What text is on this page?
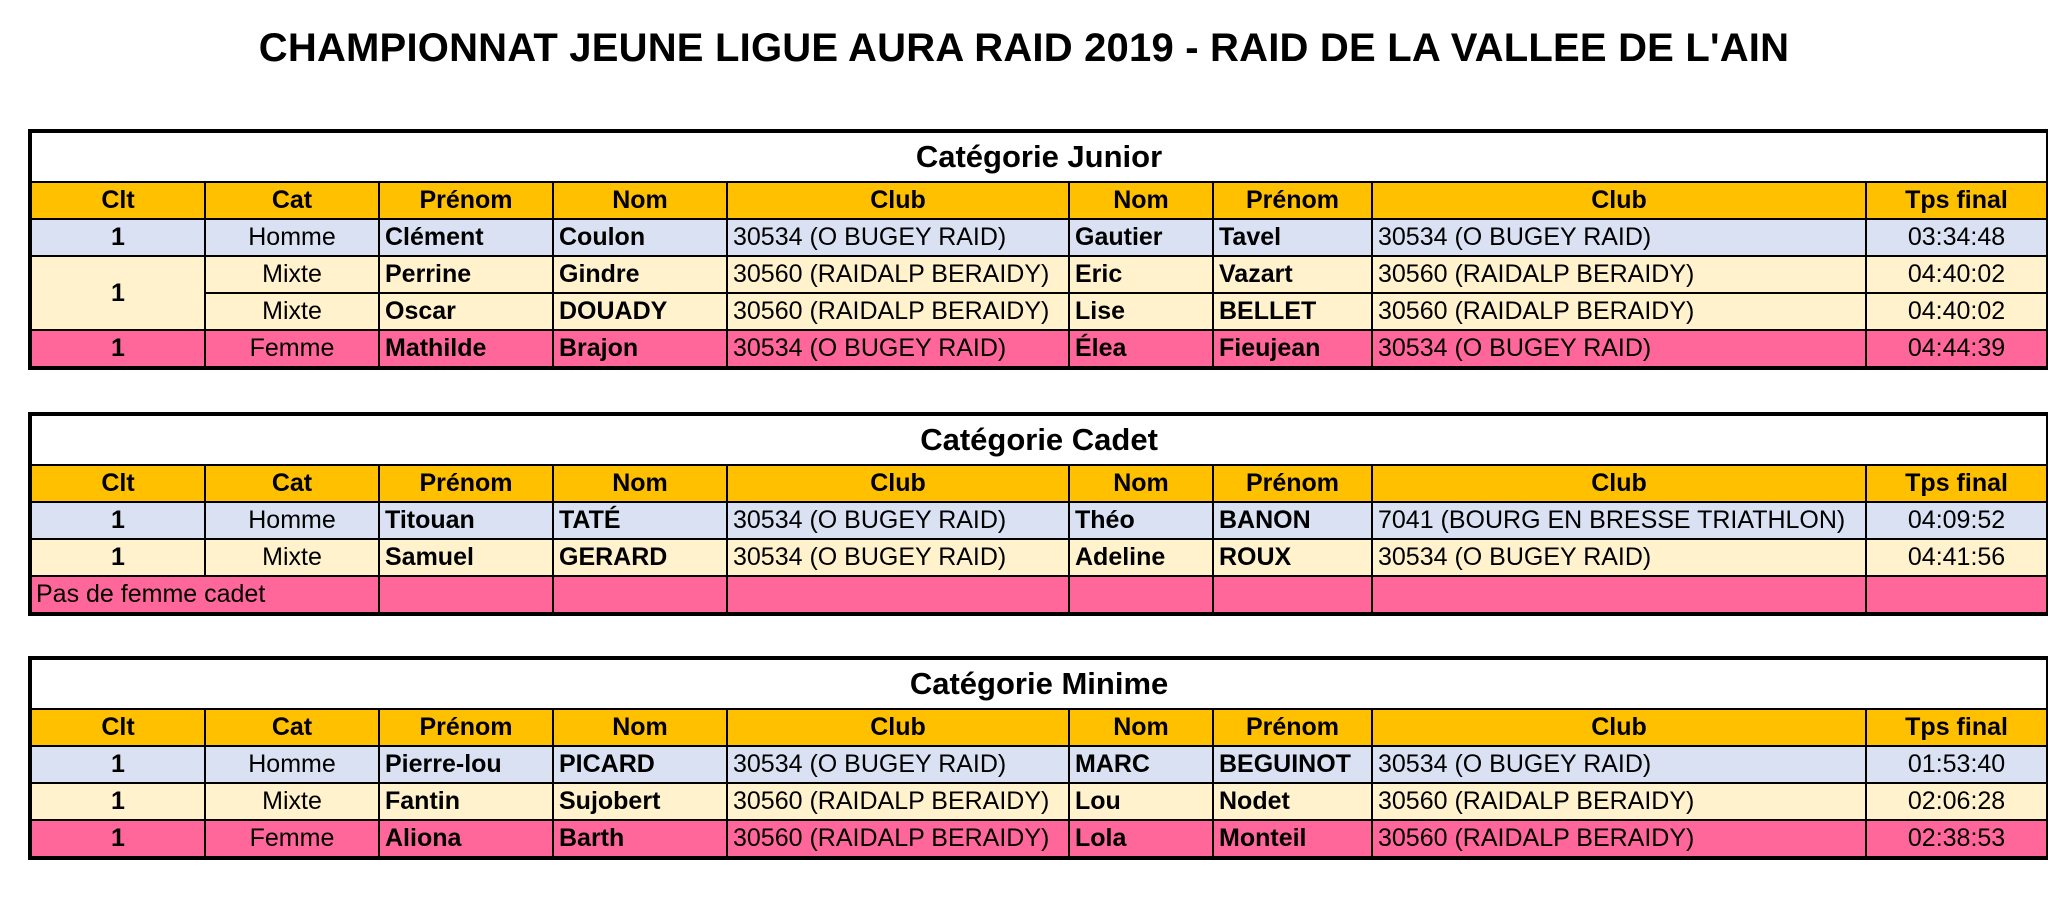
CHAMPIONNAT JEUNE LIGUE AURA RAID 2019 - RAID DE LA VALLEE DE L'AIN
Catégorie Junior								
Clt	Cat	Prénom	Nom	Club	Nom	Prénom	Club	Tps final
1	Homme	Clément	Coulon	30534 (O BUGEY RAID)	Gautier	Tavel	30534 (O BUGEY RAID)	03:34:48
1	Mixte	Perrine	Gindre	30560 (RAIDALP BERAIDY)	Eric	Vazart	30560 (RAIDALP BERAIDY)	04:40:02
	Mixte	Oscar	DOUADY	30560 (RAIDALP BERAIDY)	Lise	BELLET	30560 (RAIDALP BERAIDY)	04:40:02
1	Femme	Mathilde	Brajon	30534 (O BUGEY RAID)	Élea	Fieujean	30534 (O BUGEY RAID)	04:44:39
Catégorie Cadet								
Clt	Cat	Prénom	Nom	Club	Nom	Prénom	Club	Tps final
1	Homme	Titouan	TATÉ	30534 (O BUGEY RAID)	Théo	BANON	7041 (BOURG EN BRESSE TRIATHLON)	04:09:52
1	Mixte	Samuel	GERARD	30534 (O BUGEY RAID)	Adeline	ROUX	30534 (O BUGEY RAID)	04:41:56
Pas de femme cadet								
Catégorie Minime								
Clt	Cat	Prénom	Nom	Club	Nom	Prénom	Club	Tps final
1	Homme	Pierre-lou	PICARD	30534 (O BUGEY RAID)	MARC	BEGUINOT	30534 (O BUGEY RAID)	01:53:40
1	Mixte	Fantin	Sujobert	30560 (RAIDALP BERAIDY)	Lou	Nodet	30560 (RAIDALP BERAIDY)	02:06:28
1	Femme	Aliona	Barth	30560 (RAIDALP BERAIDY)	Lola	Monteil	30560 (RAIDALP BERAIDY)	02:38:53
